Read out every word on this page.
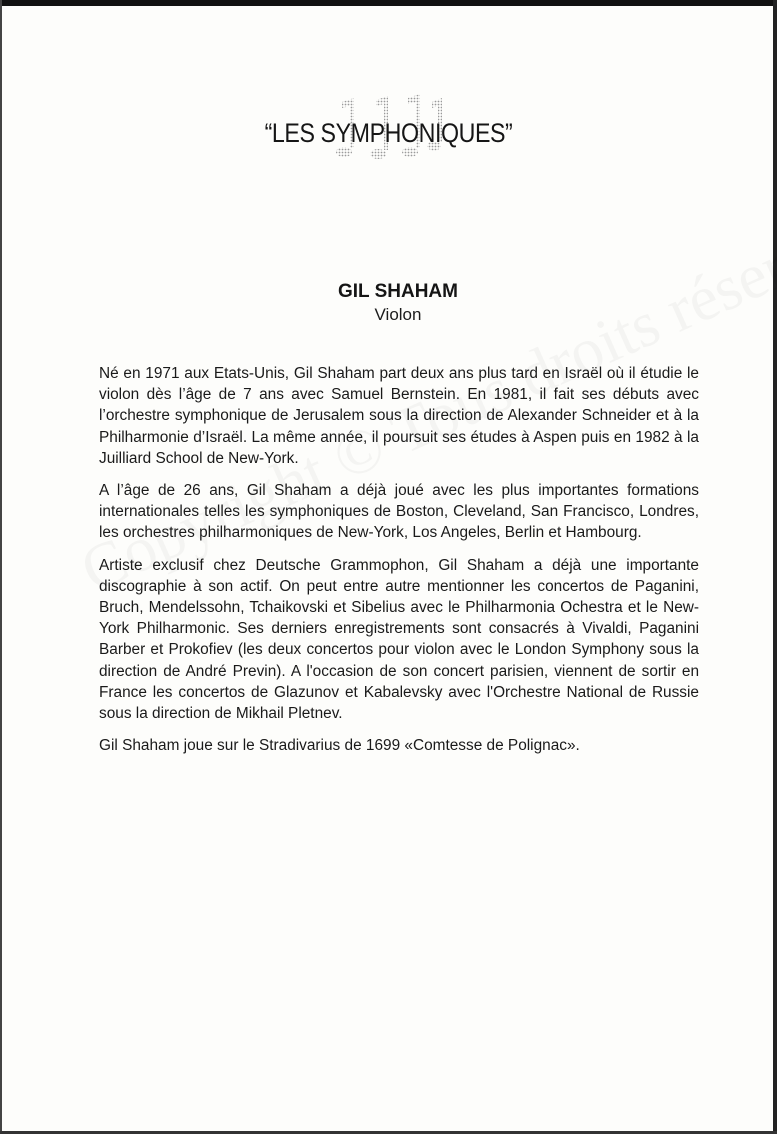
“LES SYMPHONIQUES”
GIL SHAHAM
Violon

Né en 1971 aux Etats-Unis, Gil Shaham part deux ans plus tard en Israël où il étudie le violon dès l’âge de 7 ans avec Samuel Bernstein. En 1981, il fait ses débuts avec l’orchestre symphonique de Jerusalem sous la direction de Alexander Schneider et à la Philharmonie d’Israël. La même année, il poursuit ses études à Aspen puis en 1982 à la Juilliard School de New-York.

A l’âge de 26 ans, Gil Shaham a déjà joué avec les plus importantes formations internationales telles les symphoniques de Boston, Cleveland, San Francisco, Londres, les orchestres philharmoniques de New-York, Los Angeles, Berlin et Hambourg.

Artiste exclusif chez Deutsche Grammophon, Gil Shaham a déjà une importante discographie à son actif. On peut entre autre mentionner les concertos de Paganini, Bruch, Mendelssohn, Tchaikovski et Sibelius avec le Philharmonia Ochestra et le New-York Philharmonic. Ses derniers enregistrements sont consacrés à Vivaldi, Paganini Barber et Prokofiev (les deux concertos pour violon avec le London Symphony sous la direction de André Previn). A l'occasion de son concert parisien, viennent de sortir en France les concertos de Glazunov et Kabalevsky avec l'Orchestre National de Russie sous la direction de Mikhail Pletnev.

Gil Shaham joue sur le Stradivarius de 1699 «Comtesse de Polignac».
